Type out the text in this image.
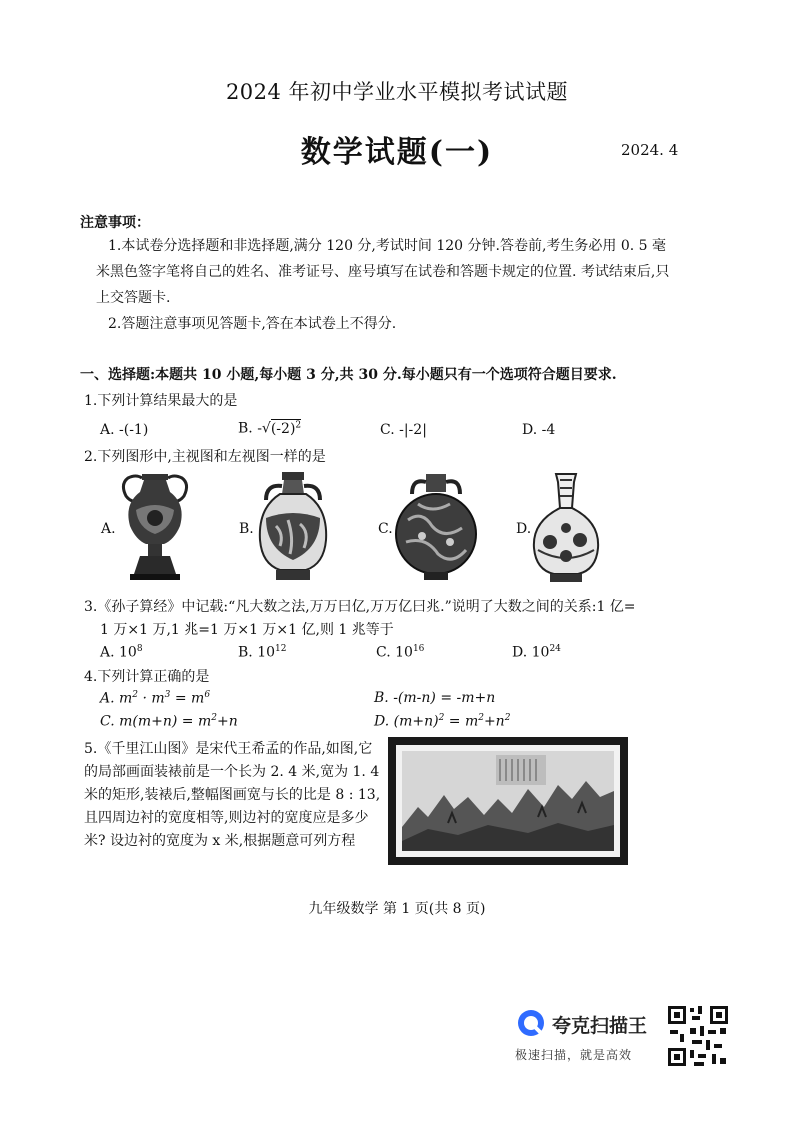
2024 年初中学业水平模拟考试试题
数学试题(一)	2024. 4
注意事项：
1.本试卷分选择题和非选择题,满分 120 分,考试时间 120 分钟.答卷前,考生务必用 0. 5 毫米黑色签字笔将自己的姓名、准考证号、座号填写在试卷和答题卡规定的位置. 考试结束后,只上交答题卡.
2.答题注意事项见答题卡,答在本试卷上不得分.
一、选择题:本题共 10 小题,每小题 3 分,共 30 分.每小题只有一个选项符合题目要求.
1.下列计算结果最大的是
A. -(-1)	B. $-√(-2)^2$	C. -|-2|	D. -4
2.下列图形中,主视图和左视图一样的是
A.	B.	C.	D.
3.《孙子算经》中记载:“凡大数之法,万万曰亿,万万亿曰兆.”说明了大数之间的关系:1 亿=
1 万×1 万,1 兆=1 万×1 万×1 亿,则 1 兆等于
A. $10^8$	B. $10^{12}$	C. $10^{16}$	D. $10^{24}$
4.下列计算正确的是
A. $m^2 \cdot m^3 = m^6$	B. -(m-n) = -m+n
C. $m(m+n) = m^2+n$	D. $(m+n)^2 = m^2+n^2$
5.《千里江山图》是宋代王希孟的作品,如图,它的局部画面装裱前是一个长为 2. 4 米,宽为 1. 4 米的矩形,装裱后,整幅图画宽与长的比是 8 : 13,且四周边衬的宽度相等,则边衬的宽度应是多少米? 设边衬的宽度为 x 米,根据题意可列方程
九年级数学 第 1 页(共 8 页)
夸克扫描王
极速扫描，就是高效
